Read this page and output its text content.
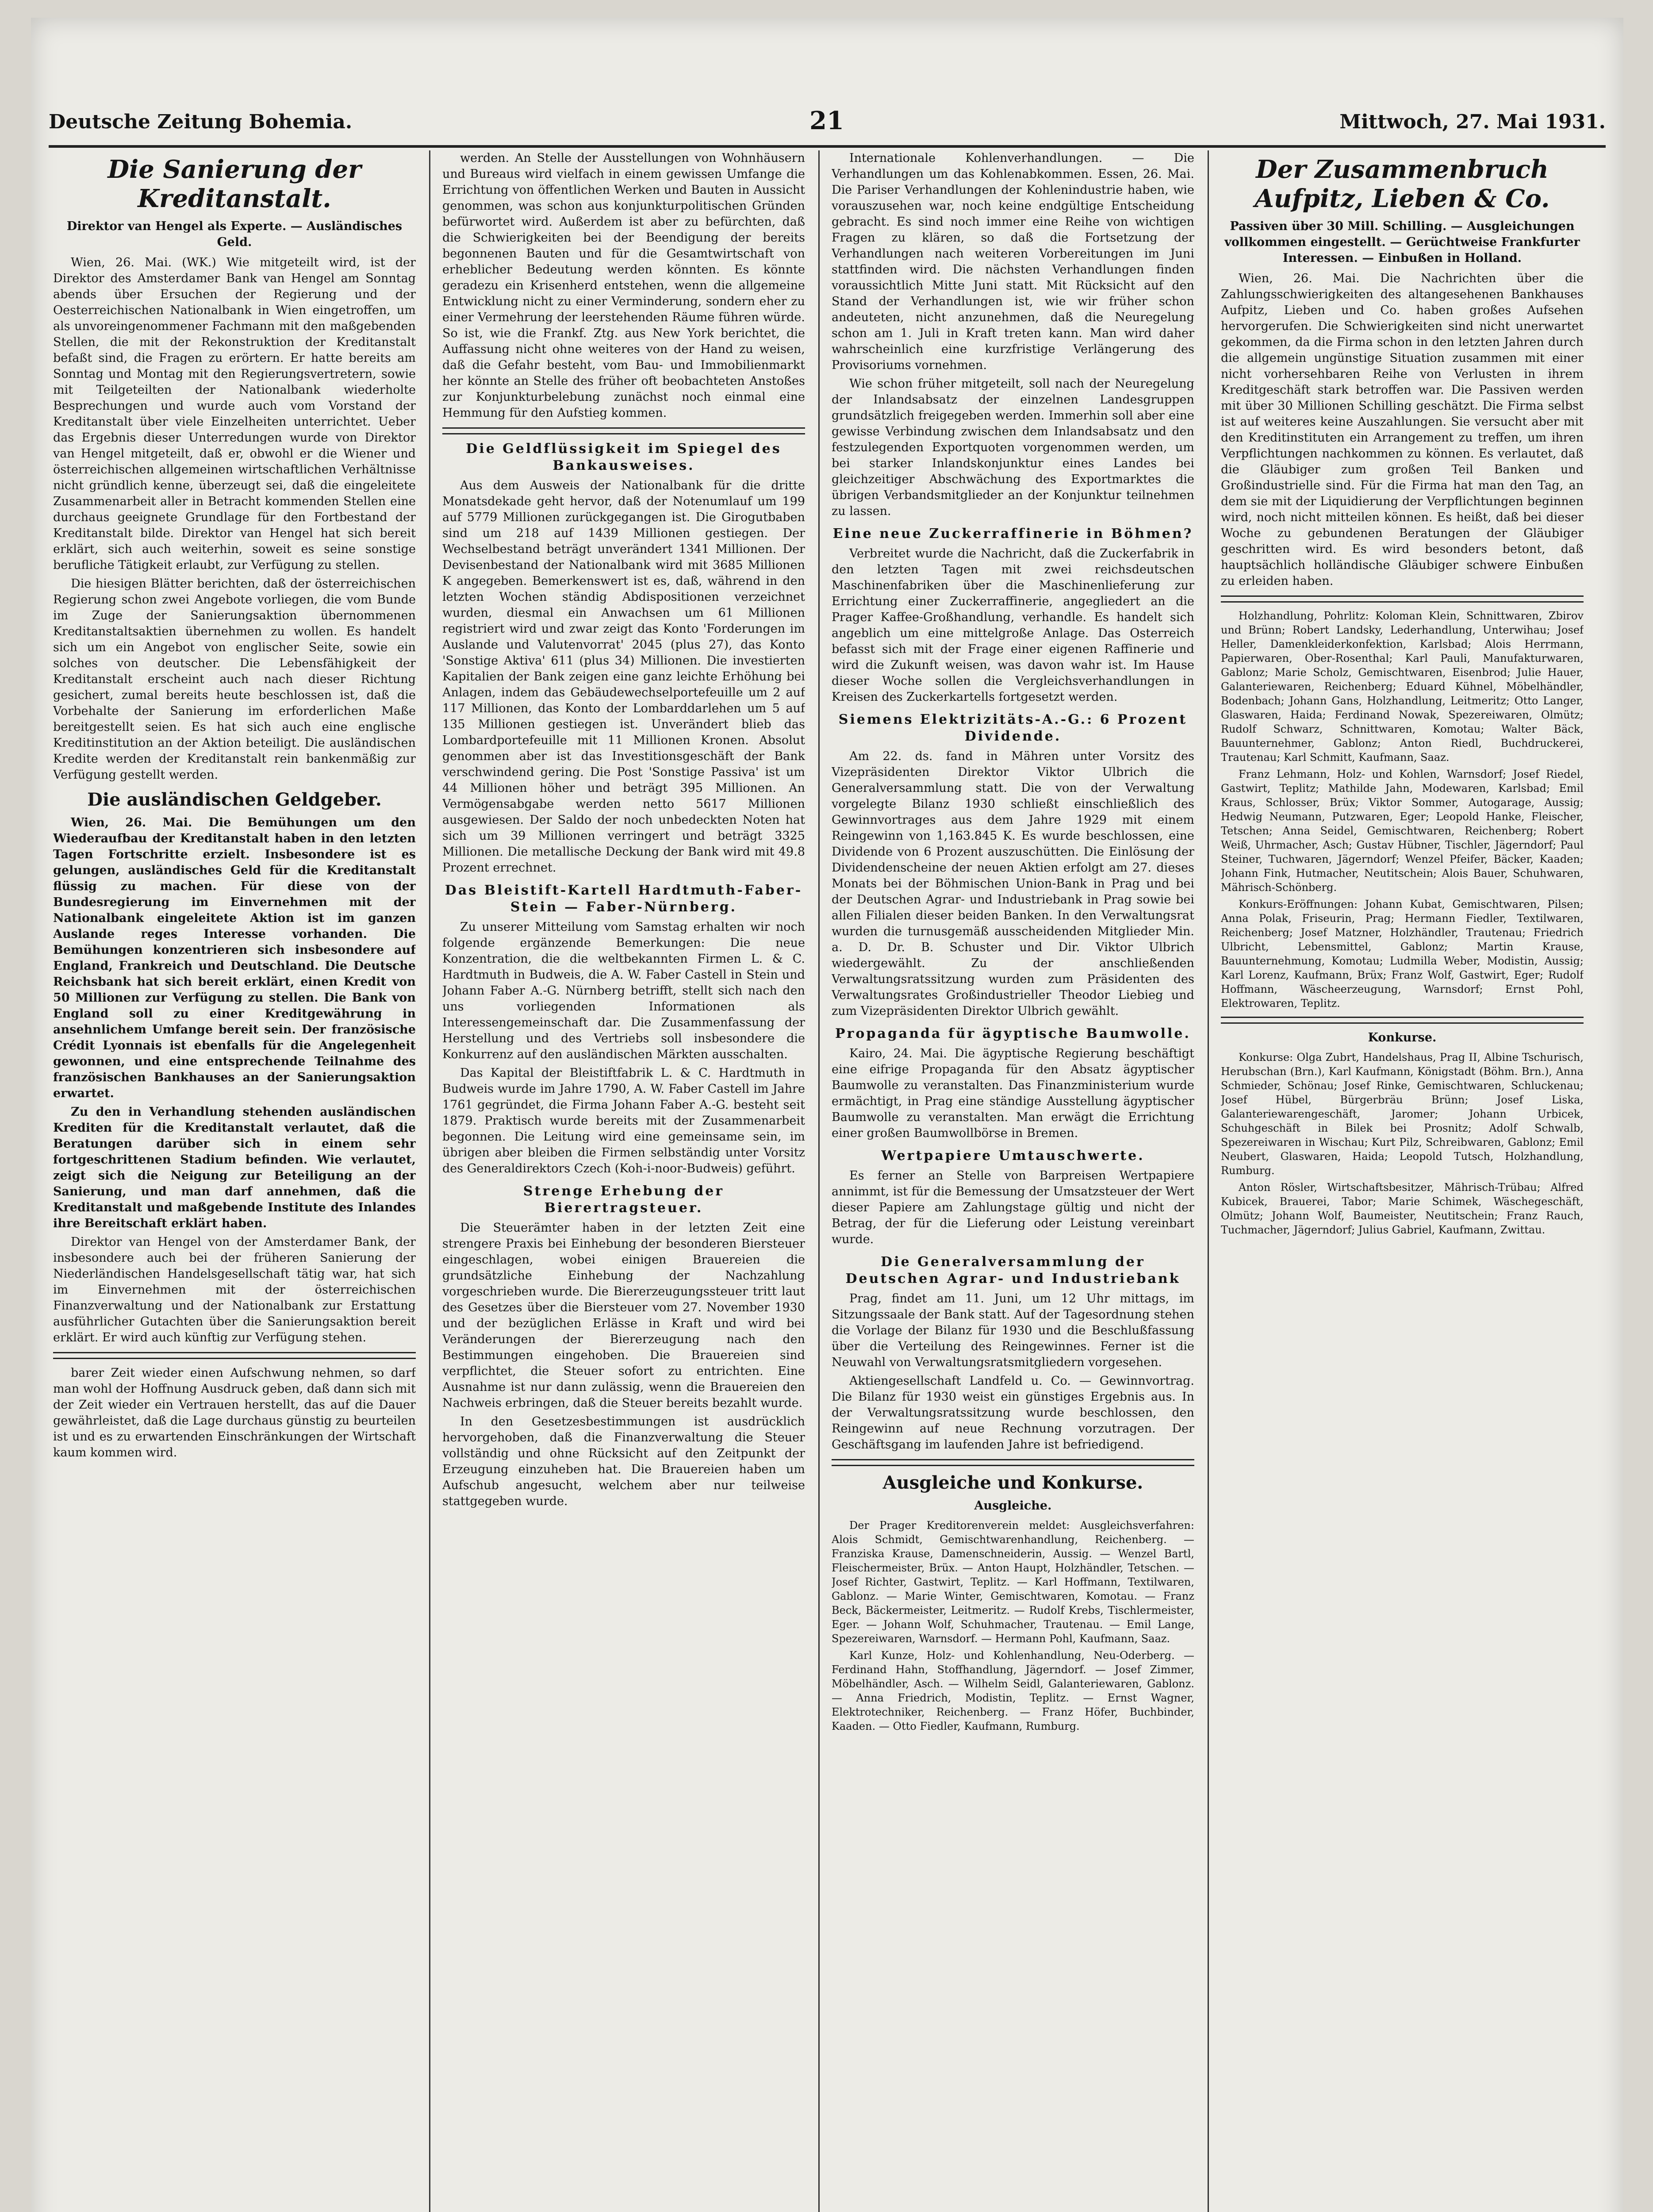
Deutsche Zeitung Bohemia.	21	Mittwoch, 27. Mai 1931.
Die Sanierung der Kreditanstalt.
Direktor van Hengel als Experte. — Ausländisches Geld.

Wien, 26. Mai. (WK.) Wie mitgeteilt wird, ist der Direktor des Amsterdamer Bank van Hengel am Sonntag abends über Ersuchen der Regierung und der Oesterreichischen Nationalbank in Wien eingetroffen, um als unvoreingenommener Fachmann mit den maßgebenden Stellen, die mit der Rekonstruktion der Kreditanstalt befaßt sind, die Fragen zu erörtern. Er hatte bereits am Sonntag und Montag mit den Regierungsvertretern, sowie mit Teilgeteilten der Nationalbank wiederholte Besprechungen und wurde auch vom Vorstand der Kreditanstalt über viele Einzelheiten unterrichtet. Ueber das Ergebnis dieser Unterredungen wurde von Direktor van Hengel mitgeteilt, daß er, obwohl er die Wiener und österreichischen allgemeinen wirtschaftlichen Verhältnisse nicht gründlich kenne, überzeugt sei, daß die eingeleitete Zusammenarbeit aller in Betracht kommenden Stellen eine durchaus geeignete Grundlage für den Fortbestand der Kreditanstalt bilde. Direktor van Hengel hat sich bereit erklärt, sich auch weiterhin, soweit es seine sonstige berufliche Tätigkeit erlaubt, zur Verfügung zu stellen.

Die hiesigen Blätter berichten, daß der österreichischen Regierung schon zwei Angebote vorliegen, die vom Bunde im Zuge der Sanierungsaktion übernommenen Kreditanstaltsaktien übernehmen zu wollen. Es handelt sich um ein Angebot von englischer Seite, sowie ein solches von deutscher. Die Lebensfähigkeit der Kreditanstalt erscheint auch nach dieser Richtung gesichert, zumal bereits heute beschlossen ist, daß die Vorbehalte der Sanierung im erforderlichen Maße bereitgestellt seien. Es hat sich auch eine englische Kreditinstitution an der Aktion beteiligt. Die ausländischen Kredite werden der Kreditanstalt rein bankenmäßig zur Verfügung gestellt werden.

Die ausländischen Geldgeber.

Wien, 26. Mai. Die Bemühungen um den Wiederaufbau der Kreditanstalt haben in den letzten Tagen Fortschritte erzielt. Insbesondere ist es gelungen, ausländisches Geld für die Kreditanstalt flüssig zu machen. Für diese von der Bundesregierung im Einvernehmen mit der Nationalbank eingeleitete Aktion ist im ganzen Auslande reges Interesse vorhanden. Die Bemühungen konzentrieren sich insbesondere auf England, Frankreich und Deutschland. Die Deutsche Reichsbank hat sich bereit erklärt, einen Kredit von 50 Millionen zur Verfügung zu stellen. Die Bank von England soll zu einer Kreditgewährung in ansehnlichem Umfange bereit sein. Der französische Crédit Lyonnais ist ebenfalls für die Angelegenheit gewonnen, und eine entsprechende Teilnahme des französischen Bankhauses an der Sanierungsaktion erwartet.

Zu den in Verhandlung stehenden ausländischen Krediten für die Kreditanstalt verlautet, daß die Beratungen darüber sich in einem sehr fortgeschrittenen Stadium befinden. Wie verlautet, zeigt sich die Neigung zur Beteiligung an der Sanierung, und man darf annehmen, daß die Kreditanstalt und maßgebende Institute des Inlandes ihre Bereitschaft erklärt haben.

Direktor van Hengel von der Amsterdamer Bank, der insbesondere auch bei der früheren Sanierung der Niederländischen Handelsgesellschaft tätig war, hat sich im Einvernehmen mit der österreichischen Finanzverwaltung und der Nationalbank zur Erstattung ausführlicher Gutachten über die Sanierungsaktion bereit erklärt. Er wird auch künftig zur Verfügung stehen.

barer Zeit wieder einen Aufschwung nehmen, so darf man wohl der Hoffnung Ausdruck geben, daß dann sich mit der Zeit wieder ein Vertrauen herstellt, das auf die Dauer gewährleistet, daß die Lage durchaus günstig zu beurteilen ist und es zu erwartenden Einschränkungen der Wirtschaft kaum kommen wird.

werden. An Stelle der Ausstellungen von Wohnhäusern und Bureaus wird vielfach in einem gewissen Umfange die Errichtung von öffentlichen Werken und Bauten in Aussicht genommen, was schon aus konjunkturpolitischen Gründen befürwortet wird. Außerdem ist aber zu befürchten, daß die Schwierigkeiten bei der Beendigung der bereits begonnenen Bauten und für die Gesamtwirtschaft von erheblicher Bedeutung werden könnten. Es könnte geradezu ein Krisenherd entstehen, wenn die allgemeine Entwicklung nicht zu einer Verminderung, sondern eher zu einer Vermehrung der leerstehenden Räume führen würde. So ist, wie die Frankf. Ztg. aus New York berichtet, die Auffassung nicht ohne weiteres von der Hand zu weisen, daß die Gefahr besteht, vom Bau- und Immobilienmarkt her könnte an Stelle des früher oft beobachteten Anstoßes zur Konjunkturbelebung zunächst noch einmal eine Hemmung für den Aufstieg kommen.

Die Geldflüssigkeit im Spiegel des Bankausweises.

Aus dem Ausweis der Nationalbank für die dritte Monatsdekade geht hervor, daß der Notenumlauf um 199 auf 5779 Millionen zurückgegangen ist. Die Girogutbaben sind um 218 auf 1439 Millionen gestiegen. Der Wechselbestand beträgt unverändert 1341 Millionen. Der Devisenbestand der Nationalbank wird mit 3685 Millionen K angegeben. Bemerkenswert ist es, daß, während in den letzten Wochen ständig Abdispositionen verzeichnet wurden, diesmal ein Anwachsen um 61 Millionen registriert wird und zwar zeigt das Konto 'Forderungen im Auslande und Valutenvorrat' 2045 (plus 27), das Konto 'Sonstige Aktiva' 611 (plus 34) Millionen. Die investierten Kapitalien der Bank zeigen eine ganz leichte Erhöhung bei Anlagen, indem das Gebäudewechselportefeuille um 2 auf 117 Millionen, das Konto der Lombarddarlehen um 5 auf 135 Millionen gestiegen ist. Unverändert blieb das Lombardportefeuille mit 11 Millionen Kronen. Absolut genommen aber ist das Investitionsgeschäft der Bank verschwindend gering. Die Post 'Sonstige Passiva' ist um 44 Millionen höher und beträgt 395 Millionen. An Vermögensabgabe werden netto 5617 Millionen ausgewiesen. Der Saldo der noch unbedeckten Noten hat sich um 39 Millionen verringert und beträgt 3325 Millionen. Die metallische Deckung der Bank wird mit 49.8 Prozent errechnet.

Das Bleistift-Kartell Hardtmuth-Faber-Stein — Faber-Nürnberg.

Zu unserer Mitteilung vom Samstag erhalten wir noch folgende ergänzende Bemerkungen: Die neue Konzentration, die die weltbekannten Firmen L. & C. Hardtmuth in Budweis, die A. W. Faber Castell in Stein und Johann Faber A.-G. Nürnberg betrifft, stellt sich nach den uns vorliegenden Informationen als Interessengemeinschaft dar. Die Zusammenfassung der Herstellung und des Vertriebs soll insbesondere die Konkurrenz auf den ausländischen Märkten ausschalten.

Das Kapital der Bleistiftfabrik L. & C. Hardtmuth in Budweis wurde im Jahre 1790, A. W. Faber Castell im Jahre 1761 gegründet, die Firma Johann Faber A.-G. besteht seit 1879. Praktisch wurde bereits mit der Zusammenarbeit begonnen. Die Leitung wird eine gemeinsame sein, im übrigen aber bleiben die Firmen selbständig unter Vorsitz des Generaldirektors Czech (Koh-i-noor-Budweis) geführt.

Strenge Erhebung der Bierertragsteuer.

Die Steuerämter haben in der letzten Zeit eine strengere Praxis bei Einhebung der besonderen Biersteuer eingeschlagen, wobei einigen Brauereien die grundsätzliche Einhebung der Nachzahlung vorgeschrieben wurde. Die Biererzeugungssteuer tritt laut des Gesetzes über die Biersteuer vom 27. November 1930 und der bezüglichen Erlässe in Kraft und wird bei Veränderungen der Biererzeugung nach den Bestimmungen eingehoben. Die Brauereien sind verpflichtet, die Steuer sofort zu entrichten. Eine Ausnahme ist nur dann zulässig, wenn die Brauereien den Nachweis erbringen, daß die Steuer bereits bezahlt wurde.

In den Gesetzesbestimmungen ist ausdrücklich hervorgehoben, daß die Finanzverwaltung die Steuer vollständig und ohne Rücksicht auf den Zeitpunkt der Erzeugung einzuheben hat. Die Brauereien haben um Aufschub angesucht, welchem aber nur teilweise stattgegeben wurde.

Internationale Kohlenverhandlungen. — Die Verhandlungen um das Kohlenabkommen. Essen, 26. Mai. Die Pariser Verhandlungen der Kohlenindustrie haben, wie vorauszusehen war, noch keine endgültige Entscheidung gebracht. Es sind noch immer eine Reihe von wichtigen Fragen zu klären, so daß die Fortsetzung der Verhandlungen nach weiteren Vorbereitungen im Juni stattfinden wird. Die nächsten Verhandlungen finden voraussichtlich Mitte Juni statt. Mit Rücksicht auf den Stand der Verhandlungen ist, wie wir früher schon andeuteten, nicht anzunehmen, daß die Neuregelung schon am 1. Juli in Kraft treten kann. Man wird daher wahrscheinlich eine kurzfristige Verlängerung des Provisoriums vornehmen.

Wie schon früher mitgeteilt, soll nach der Neuregelung der Inlandsabsatz der einzelnen Landesgruppen grundsätzlich freigegeben werden. Immerhin soll aber eine gewisse Verbindung zwischen dem Inlandsabsatz und den festzulegenden Exportquoten vorgenommen werden, um bei starker Inlandskonjunktur eines Landes bei gleichzeitiger Abschwächung des Exportmarktes die übrigen Verbandsmitglieder an der Konjunktur teilnehmen zu lassen.

Eine neue Zuckerraffinerie in Böhmen?

Verbreitet wurde die Nachricht, daß die Zuckerfabrik in den letzten Tagen mit zwei reichsdeutschen Maschinenfabriken über die Maschinenlieferung zur Errichtung einer Zuckerraffinerie, angegliedert an die Prager Kaffee-Großhandlung, verhandle. Es handelt sich angeblich um eine mittelgroße Anlage. Das Osterreich befasst sich mit der Frage einer eigenen Raffinerie und wird die Zukunft weisen, was davon wahr ist. Im Hause dieser Woche sollen die Vergleichsverhandlungen in Kreisen des Zuckerkartells fortgesetzt werden.

Siemens Elektrizitäts-A.-G.: 6 Prozent Dividende.

Am 22. ds. fand in Mähren unter Vorsitz des Vizepräsidenten Direktor Viktor Ulbrich die Generalversammlung statt. Die von der Verwaltung vorgelegte Bilanz 1930 schließt einschließlich des Gewinnvortrages aus dem Jahre 1929 mit einem Reingewinn von 1,163.845 K. Es wurde beschlossen, eine Dividende von 6 Prozent auszuschütten. Die Einlösung der Dividendenscheine der neuen Aktien erfolgt am 27. dieses Monats bei der Böhmischen Union-Bank in Prag und bei der Deutschen Agrar- und Industriebank in Prag sowie bei allen Filialen dieser beiden Banken. In den Verwaltungsrat wurden die turnusgemäß ausscheidenden Mitglieder Min. a. D. Dr. B. Schuster und Dir. Viktor Ulbrich wiedergewählt. Zu der anschließenden Verwaltungsratssitzung wurden zum Präsidenten des Verwaltungsrates Großindustrieller Theodor Liebieg und zum Vizepräsidenten Direktor Ulbrich gewählt.

Propaganda für ägyptische Baumwolle.

Kairo, 24. Mai. Die ägyptische Regierung beschäftigt eine eifrige Propaganda für den Absatz ägyptischer Baumwolle zu veranstalten. Das Finanzministerium wurde ermächtigt, in Prag eine ständige Ausstellung ägyptischer Baumwolle zu veranstalten. Man erwägt die Errichtung einer großen Baumwollbörse in Bremen.

Wertpapiere Umtauschwerte.

Es ferner an Stelle von Barpreisen Wertpapiere annimmt, ist für die Bemessung der Umsatzsteuer der Wert dieser Papiere am Zahlungstage gültig und nicht der Betrag, der für die Lieferung oder Leistung vereinbart wurde.

Die Generalversammlung der Deutschen Agrar- und Industriebank

Prag, findet am 11. Juni, um 12 Uhr mittags, im Sitzungssaale der Bank statt. Auf der Tagesordnung stehen die Vorlage der Bilanz für 1930 und die Beschlußfassung über die Verteilung des Reingewinnes. Ferner ist die Neuwahl von Verwaltungsratsmitgliedern vorgesehen.

Aktiengesellschaft Landfeld u. Co. — Gewinnvortrag. Die Bilanz für 1930 weist ein günstiges Ergebnis aus. In der Verwaltungsratssitzung wurde beschlossen, den Reingewinn auf neue Rechnung vorzutragen. Der Geschäftsgang im laufenden Jahre ist befriedigend.

Ausgleiche und Konkurse.
Ausgleiche.

Der Prager Kreditorenverein meldet: Ausgleichsverfahren: Alois Schmidt, Gemischtwarenhandlung, Reichenberg. — Franziska Krause, Damenschneiderin, Aussig. — Wenzel Bartl, Fleischermeister, Brüx. — Anton Haupt, Holzhändler, Tetschen. — Josef Richter, Gastwirt, Teplitz. — Karl Hoffmann, Textilwaren, Gablonz. — Marie Winter, Gemischtwaren, Komotau. — Franz Beck, Bäckermeister, Leitmeritz. — Rudolf Krebs, Tischlermeister, Eger. — Johann Wolf, Schuhmacher, Trautenau. — Emil Lange, Spezereiwaren, Warnsdorf. — Hermann Pohl, Kaufmann, Saaz.

Karl Kunze, Holz- und Kohlenhandlung, Neu-Oderberg. — Ferdinand Hahn, Stoffhandlung, Jägerndorf. — Josef Zimmer, Möbelhändler, Asch. — Wilhelm Seidl, Galanteriewaren, Gablonz. — Anna Friedrich, Modistin, Teplitz. — Ernst Wagner, Elektrotechniker, Reichenberg. — Franz Höfer, Buchbinder, Kaaden. — Otto Fiedler, Kaufmann, Rumburg.

Der Zusammenbruch Aufpitz, Lieben & Co.
Passiven über 30 Mill. Schilling. — Ausgleichungen vollkommen eingestellt. — Gerüchtweise Frankfurter Interessen. — Einbußen in Holland.

Wien, 26. Mai. Die Nachrichten über die Zahlungsschwierigkeiten des altangesehenen Bankhauses Aufpitz, Lieben und Co. haben großes Aufsehen hervorgerufen. Die Schwierigkeiten sind nicht unerwartet gekommen, da die Firma schon in den letzten Jahren durch die allgemein ungünstige Situation zusammen mit einer nicht vorhersehbaren Reihe von Verlusten in ihrem Kreditgeschäft stark betroffen war. Die Passiven werden mit über 30 Millionen Schilling geschätzt. Die Firma selbst ist auf weiteres keine Auszahlungen. Sie versucht aber mit den Kreditinstituten ein Arrangement zu treffen, um ihren Verpflichtungen nachkommen zu können. Es verlautet, daß die Gläubiger zum großen Teil Banken und Großindustrielle sind. Für die Firma hat man den Tag, an dem sie mit der Liquidierung der Verpflichtungen beginnen wird, noch nicht mitteilen können. Es heißt, daß bei dieser Woche zu gebundenen Beratungen der Gläubiger geschritten wird. Es wird besonders betont, daß hauptsächlich holländische Gläubiger schwere Einbußen zu erleiden haben.

Holzhandlung, Pohrlitz: Koloman Klein, Schnittwaren, Zbirov und Brünn; Robert Landsky, Lederhandlung, Unterwihau; Josef Heller, Damenkleiderkonfektion, Karlsbad; Alois Herrmann, Papierwaren, Ober-Rosenthal; Karl Pauli, Manufakturwaren, Gablonz; Marie Scholz, Gemischtwaren, Eisenbrod; Julie Hauer, Galanteriewaren, Reichenberg; Eduard Kühnel, Möbelhändler, Bodenbach; Johann Gans, Holzhandlung, Leitmeritz; Otto Langer, Glaswaren, Haida; Ferdinand Nowak, Spezereiwaren, Olmütz; Rudolf Schwarz, Schnittwaren, Komotau; Walter Bäck, Bauunternehmer, Gablonz; Anton Riedl, Buchdruckerei, Trautenau; Karl Schmitt, Kaufmann, Saaz.

Franz Lehmann, Holz- und Kohlen, Warnsdorf; Josef Riedel, Gastwirt, Teplitz; Mathilde Jahn, Modewaren, Karlsbad; Emil Kraus, Schlosser, Brüx; Viktor Sommer, Autogarage, Aussig; Hedwig Neumann, Putzwaren, Eger; Leopold Hanke, Fleischer, Tetschen; Anna Seidel, Gemischtwaren, Reichenberg; Robert Weiß, Uhrmacher, Asch; Gustav Hübner, Tischler, Jägerndorf; Paul Steiner, Tuchwaren, Jägerndorf; Wenzel Pfeifer, Bäcker, Kaaden; Johann Fink, Hutmacher, Neutitschein; Alois Bauer, Schuhwaren, Mährisch-Schönberg.

Konkurs-Eröffnungen: Johann Kubat, Gemischtwaren, Pilsen; Anna Polak, Friseurin, Prag; Hermann Fiedler, Textilwaren, Reichenberg; Josef Matzner, Holzhändler, Trautenau; Friedrich Ulbricht, Lebensmittel, Gablonz; Martin Krause, Bauunternehmung, Komotau; Ludmilla Weber, Modistin, Aussig; Karl Lorenz, Kaufmann, Brüx; Franz Wolf, Gastwirt, Eger; Rudolf Hoffmann, Wäscheerzeugung, Warnsdorf; Ernst Pohl, Elektrowaren, Teplitz.

Konkurse.

Konkurse: Olga Zubrt, Handelshaus, Prag II, Albine Tschurisch, Herubschan (Brn.), Karl Kaufmann, Königstadt (Böhm. Brn.), Anna Schmieder, Schönau; Josef Rinke, Gemischtwaren, Schluckenau; Josef Hübel, Bürgerbräu Brünn; Josef Liska, Galanteriewarengeschäft, Jaromer; Johann Urbicek, Schuhgeschäft in Bilek bei Prosnitz; Adolf Schwalb, Spezereiwaren in Wischau; Kurt Pilz, Schreibwaren, Gablonz; Emil Neubert, Glaswaren, Haida; Leopold Tutsch, Holzhandlung, Rumburg.

Anton Rösler, Wirtschaftsbesitzer, Mährisch-Trübau; Alfred Kubicek, Brauerei, Tabor; Marie Schimek, Wäschegeschäft, Olmütz; Johann Wolf, Baumeister, Neutitschein; Franz Rauch, Tuchmacher, Jägerndorf; Julius Gabriel, Kaufmann, Zwittau.
